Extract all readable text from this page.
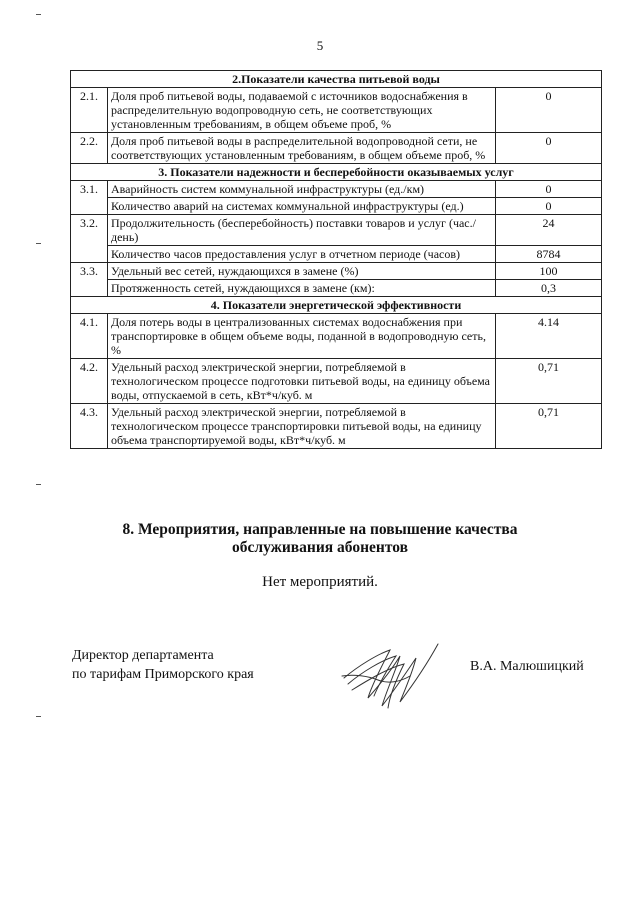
5
2.Показатели качества питьевой воды		
2.1.	Доля проб питьевой воды, подаваемой с источников водоснабжения в распределительную водопроводную сеть, не соответствующих установленным требованиям, в общем объеме проб, %	0
2.2.	Доля проб питьевой воды в распределительной водопроводной сети, не соответствующих установленным требованиям, в общем объеме проб, %	0
3. Показатели надежности и бесперебойности оказываемых услуг		
3.1.	Аварийность систем коммунальной инфраструктуры (ед./км)	0
	Количество аварий на системах коммунальной инфраструктуры (ед.)	0
3.2.	Продолжительность (бесперебойность) поставки товаров и услуг (час./день)	24
	Количество часов предоставления услуг в отчетном периоде (часов)	8784
3.3.	Удельный вес сетей, нуждающихся в замене (%)	100
	Протяженность сетей, нуждающихся в замене (км):	0,3
4. Показатели энергетической эффективности		
4.1.	Доля потерь воды в централизованных системах водоснабжения при транспортировке в общем объеме воды, поданной в водопроводную сеть, %	4.14
4.2.	Удельный расход электрической энергии, потребляемой в технологическом процессе подготовки питьевой воды, на единицу объема воды, отпускаемой в сеть, кВт*ч/куб. м	0,71
4.3.	Удельный расход электрической энергии, потребляемой в технологическом процессе транспортировки питьевой воды, на единицу объема транспортируемой воды, кВт*ч/куб. м	0,71
8. Мероприятия, направленные на повышение качества
обслуживания абонентов
Нет мероприятий.
Директор департамента
по тарифам Приморского края
В.А. Малюшицкий
